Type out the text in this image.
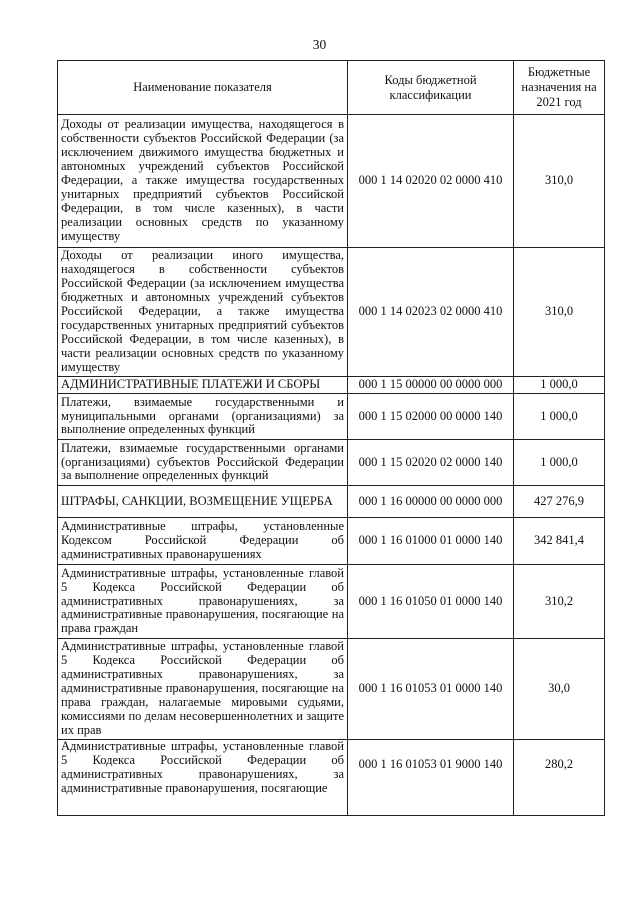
30
Наименование показателя	Коды бюджетной классификации	Бюджетные назначения на 2021 год
Доходы от реализации имущества, находящегося в собственности субъектов Российской Федерации (за исключением движимого имущества бюджетных и автономных учреждений субъектов Российской Федерации, а также имущества государственных унитарных предприятий субъектов Российской Федерации, в том числе казенных), в части реализации основных средств по указанному имуществу	000 1 14 02020 02 0000 410	310,0
Доходы от реализации иного имущества, находящегося в собственности субъектов Российской Федерации (за исключением имущества бюджетных и автономных учреждений субъектов Российской Федерации, а также имущества государственных унитарных предприятий субъектов Российской Федерации, в том числе казенных), в части реализации основных средств по указанному имуществу	000 1 14 02023 02 0000 410	310,0
АДМИНИСТРАТИВНЫЕ ПЛАТЕЖИ И СБОРЫ	000 1 15 00000 00 0000 000	1 000,0
Платежи, взимаемые государственными и муниципальными органами (организациями) за выполнение определенных функций	000 1 15 02000 00 0000 140	1 000,0
Платежи, взимаемые государственными органами (организациями) субъектов Российской Федерации за выполнение определенных функций	000 1 15 02020 02 0000 140	1 000,0
ШТРАФЫ, САНКЦИИ, ВОЗМЕЩЕНИЕ УЩЕРБА	000 1 16 00000 00 0000 000	427 276,9
Административные штрафы, установленные Кодексом Российской Федерации об административных правонарушениях	000 1 16 01000 01 0000 140	342 841,4
Административные штрафы, установленные главой 5 Кодекса Российской Федерации об административных правонарушениях, за административные правонарушения, посягающие на права граждан	000 1 16 01050 01 0000 140	310,2
Административные штрафы, установленные главой 5 Кодекса Российской Федерации об административных правонарушениях, за административные правонарушения, посягающие на права граждан, налагаемые мировыми судьями, комиссиями по делам несовершеннолетних и защите их прав	000 1 16 01053 01 0000 140	30,0
Административные штрафы, установленные главой 5 Кодекса Российской Федерации об административных правонарушениях, за административные правонарушения, посягающие	000 1 16 01053 01 9000 140	280,2
